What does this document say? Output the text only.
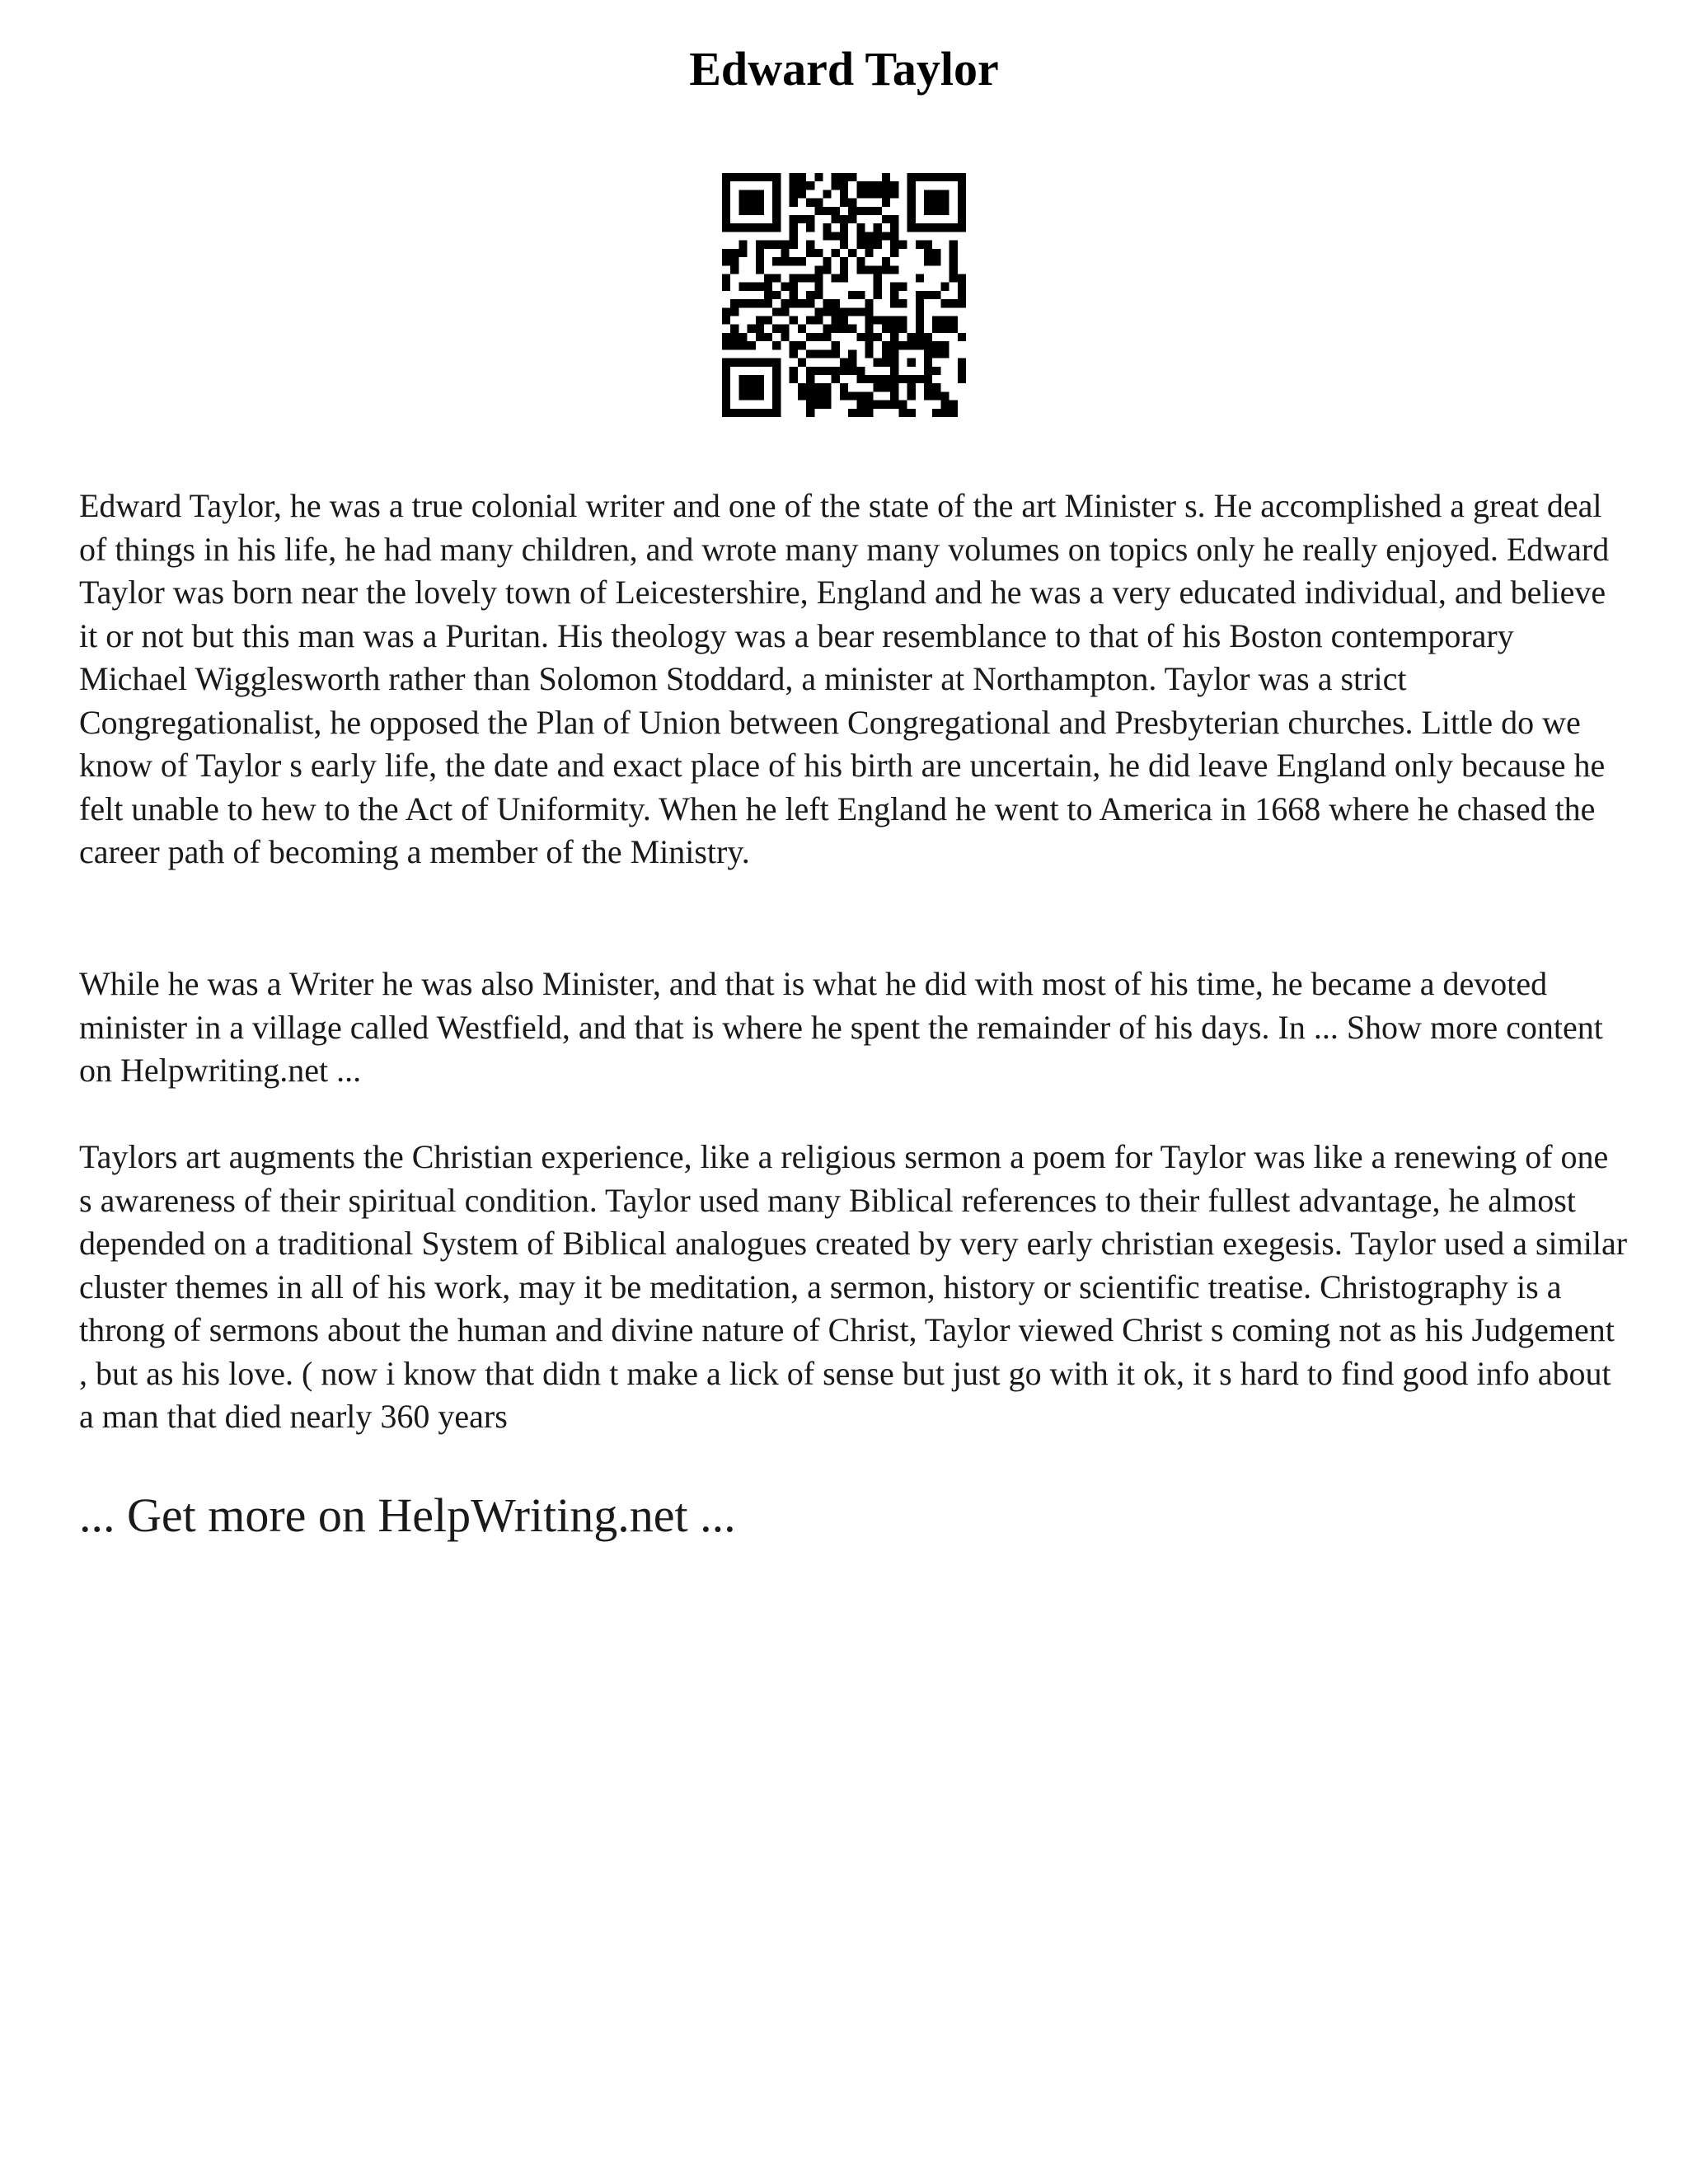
Edward Taylor

Edward Taylor, he was a true colonial writer and one of the state of the art Minister s. He accomplished a great deal of things in his life, he had many children, and wrote many many volumes on topics only he really enjoyed. Edward Taylor was born near the lovely town of Leicestershire, England and he was a very educated individual, and believe it or not but this man was a Puritan. His theology was a bear resemblance to that of his Boston contemporary Michael Wigglesworth rather than Solomon Stoddard, a minister at Northampton. Taylor was a strict Congregationalist, he opposed the Plan of Union between Congregational and Presbyterian churches. Little do we know of Taylor s early life, the date and exact place of his birth are uncertain, he did leave England only because he felt unable to hew to the Act of Uniformity. When he left England he went to America in 1668 where he chased the career path of becoming a member of the Ministry.

While he was a Writer he was also Minister, and that is what he did with most of his time, he became a devoted minister in a village called Westfield, and that is where he spent the remainder of his days. In ... Show more content on Helpwriting.net ...

Taylors art augments the Christian experience, like a religious sermon a poem for Taylor was like a renewing of one s awareness of their spiritual condition. Taylor used many Biblical references to their fullest advantage, he almost depended on a traditional System of Biblical analogues created by very early christian exegesis. Taylor used a similar cluster themes in all of his work, may it be meditation, a sermon, history or scientific treatise. Christography is a throng of sermons about the human and divine nature of Christ, Taylor viewed Christ s coming not as his Judgement , but as his love. ( now i know that didn t make a lick of sense but just go with it ok, it s hard to find good info about a man that died nearly 360 years

... Get more on HelpWriting.net ...
